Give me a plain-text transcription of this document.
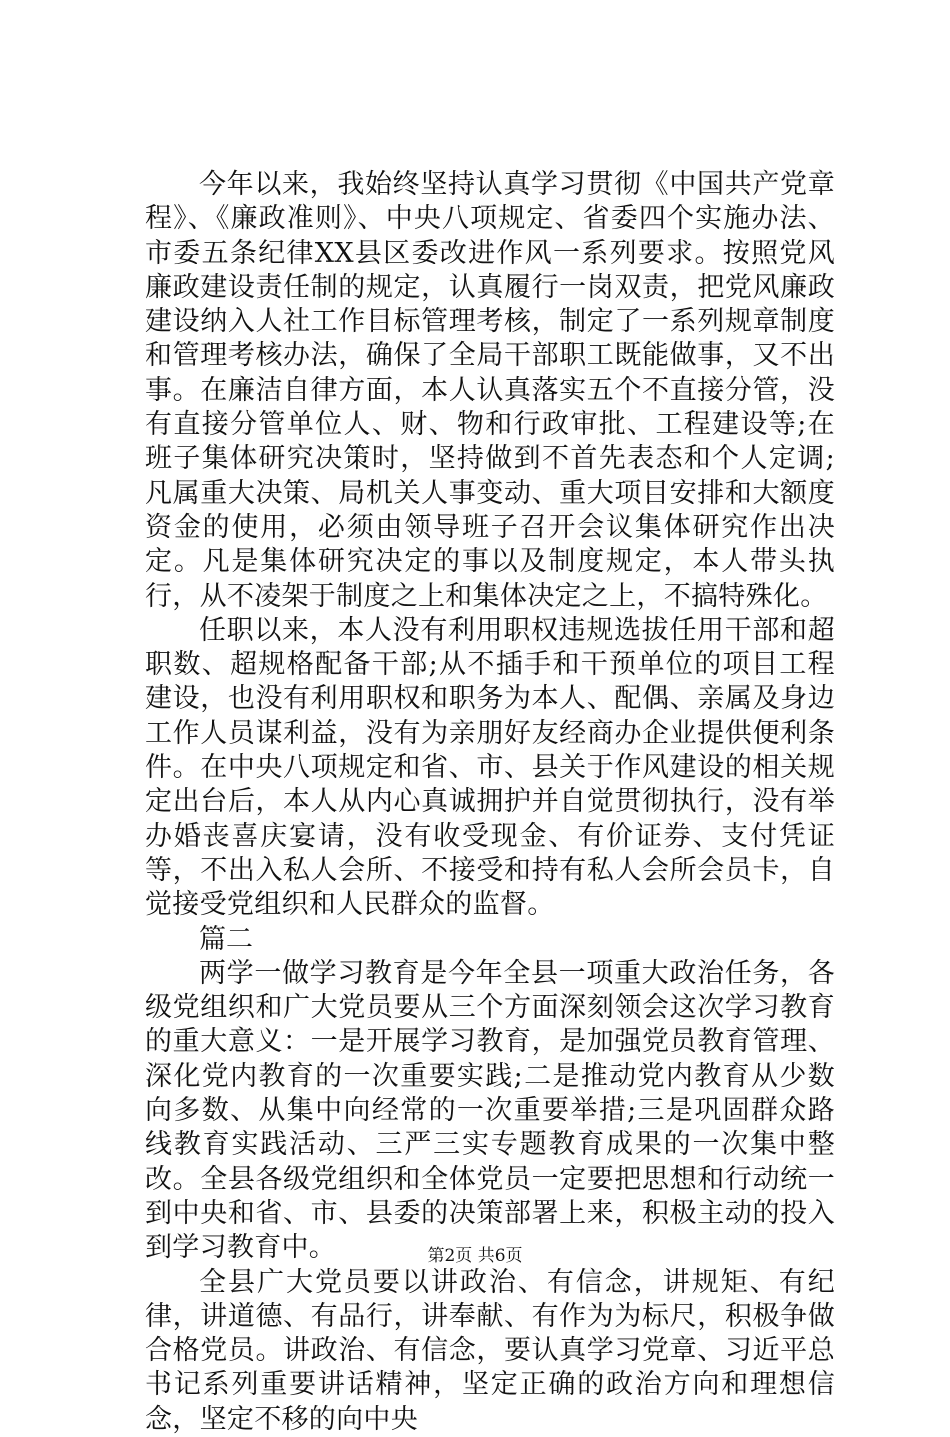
今年以来，我始终坚持认真学习贯彻《中国共产党章程》、《廉政准则》、中央八项规定、省委四个实施办法、市委五条纪律XX县区委改进作风一系列要求。按照党风廉政建设责任制的规定，认真履行一岗双责，把党风廉政建设纳入人社工作目标管理考核，制定了一系列规章制度和管理考核办法，确保了全局干部职工既能做事，又不出事。在廉洁自律方面，本人认真落实五个不直接分管，没有直接分管单位人、财、物和行政审批、工程建设等;在班子集体研究决策时，坚持做到不首先表态和个人定调;凡属重大决策、局机关人事变动、重大项目安排和大额度资金的使用，必须由领导班子召开会议集体研究作出决定。凡是集体研究决定的事以及制度规定，本人带头执行，从不凌架于制度之上和集体决定之上，不搞特殊化。

任职以来，本人没有利用职权违规选拔任用干部和超职数、超规格配备干部;从不插手和干预单位的项目工程建设，也没有利用职权和职务为本人、配偶、亲属及身边工作人员谋利益，没有为亲朋好友经商办企业提供便利条件。在中央八项规定和省、市、县关于作风建设的相关规定出台后，本人从内心真诚拥护并自觉贯彻执行，没有举办婚丧喜庆宴请，没有收受现金、有价证券、支付凭证等，不出入私人会所、不接受和持有私人会所会员卡，自觉接受党组织和人民群众的监督。

篇二

两学一做学习教育是今年全县一项重大政治任务，各级党组织和广大党员要从三个方面深刻领会这次学习教育的重大意义：一是开展学习教育，是加强党员教育管理、深化党内教育的一次重要实践;二是推动党内教育从少数向多数、从集中向经常的一次重要举措;三是巩固群众路线教育实践活动、三严三实专题教育成果的一次集中整改。全县各级党组织和全体党员一定要把思想和行动统一到中央和省、市、县委的决策部署上来，积极主动的投入到学习教育中。

全县广大党员要以讲政治、有信念，讲规矩、有纪律，讲道德、有品行，讲奉献、有作为为标尺，积极争做合格党员。讲政治、有信念，要认真学习党章、习近平总书记系列重要讲话精神，坚定正确的政治方向和理想信念，坚定不移的向中央

第2页 共6页
